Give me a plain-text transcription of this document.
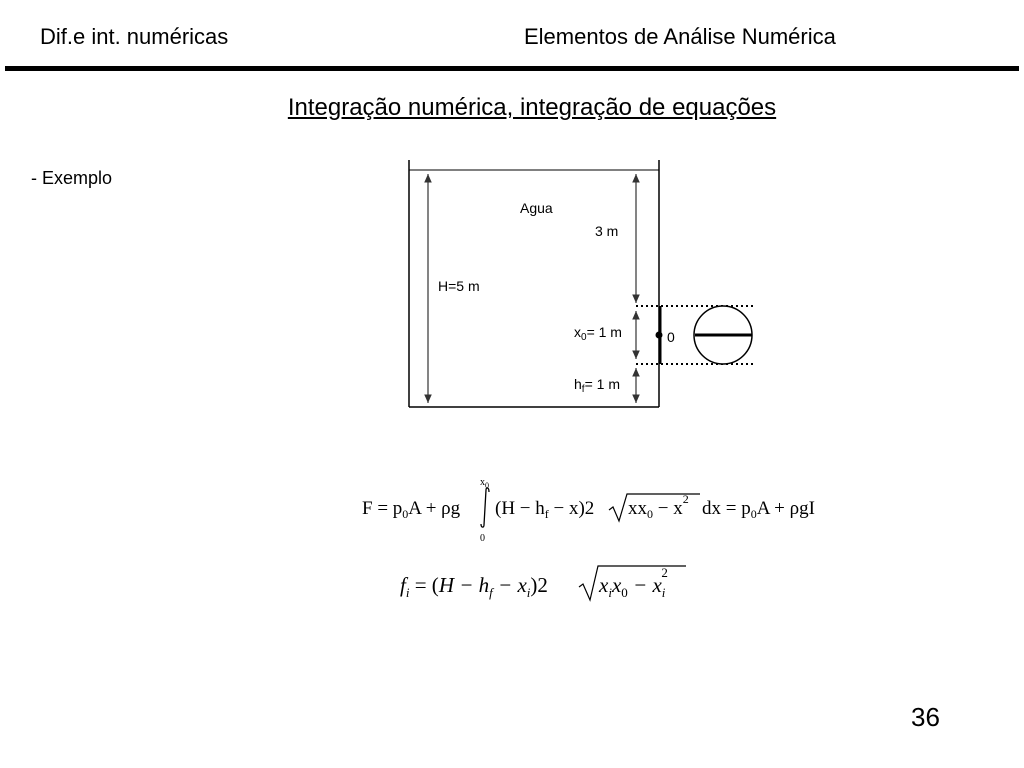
Dif.e int. numéricas	Elementos de Análise Numérica
Integração numérica, integração de equações
- Exemplo
Agua
3 m
H=5 m
$x_0= 1$ m	0
$h_f= 1$ m
$x_0$
0
$F = p_0A + \rho g$ $(H - h_f - x)2$ $xx_0 - x^2$ dx = $p_0A + \rho gI$
$f_i = (H - h_f - x_i)2$ $x_ix_0 - x_i2$
36
